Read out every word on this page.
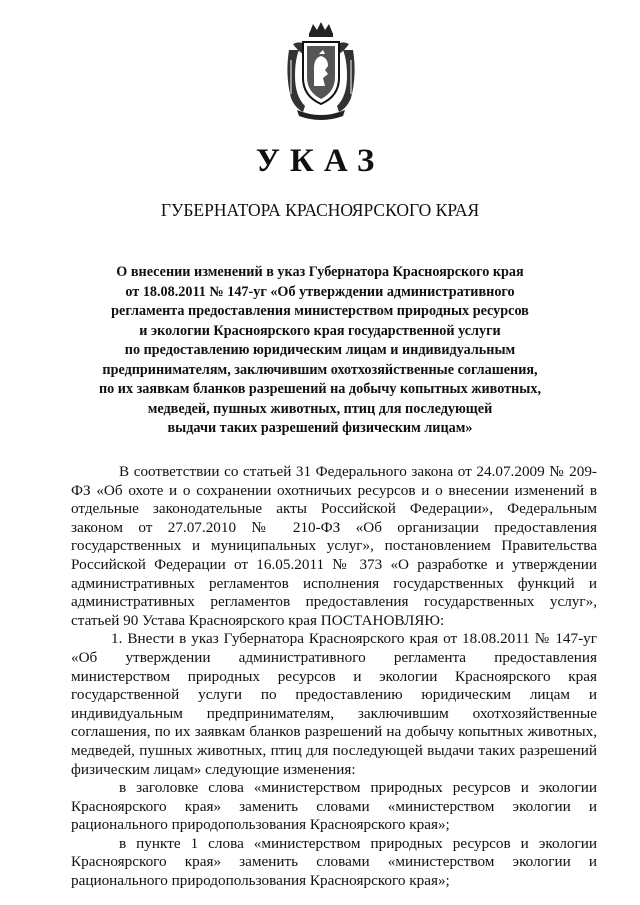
УКАЗ
ГУБЕРНАТОРА КРАСНОЯРСКОГО КРАЯ
О внесении изменений в указ Губернатора Красноярского края
от 18.08.2011 № 147-уг «Об утверждении административного
регламента предоставления министерством природных ресурсов
и экологии Красноярского края государственной услуги
по предоставлению юридическим лицам и индивидуальным
предпринимателям, заключившим охотхозяйственные соглашения,
по их заявкам бланков разрешений на добычу копытных животных,
медведей, пушных животных, птиц для последующей
выдачи таких разрешений физическим лицам»

В соответствии со статьей 31 Федерального закона от 24.07.2009 № 209-ФЗ «Об охоте и о сохранении охотничьих ресурсов и о внесении изменений в отдельные законодательные акты Российской Федерации», Федеральным законом от 27.07.2010 № 210-ФЗ «Об организации предоставления государственных и муниципальных услуг», постановлением Правительства Российской Федерации от 16.05.2011 № 373 «О разработке и утверждении административных регламентов исполнения государственных функций и административных регламентов предоставления государственных услуг», статьей 90 Устава Красноярского края ПОСТАНОВЛЯЮ:

1. Внести в указ Губернатора Красноярского края от 18.08.2011 № 147-уг «Об утверждении административного регламента предоставления министерством природных ресурсов и экологии Красноярского края государственной услуги по предоставлению юридическим лицам и индивидуальным предпринимателям, заключившим охотхозяйственные соглашения, по их заявкам бланков разрешений на добычу копытных животных, медведей, пушных животных, птиц для последующей выдачи таких разрешений физическим лицам» следующие изменения:

в заголовке слова «министерством природных ресурсов и экологии Красноярского края» заменить словами «министерством экологии и рационального природопользования Красноярского края»;

в пункте 1 слова «министерством природных ресурсов и экологии Красноярского края» заменить словами «министерством экологии и рационального природопользования Красноярского края»;
